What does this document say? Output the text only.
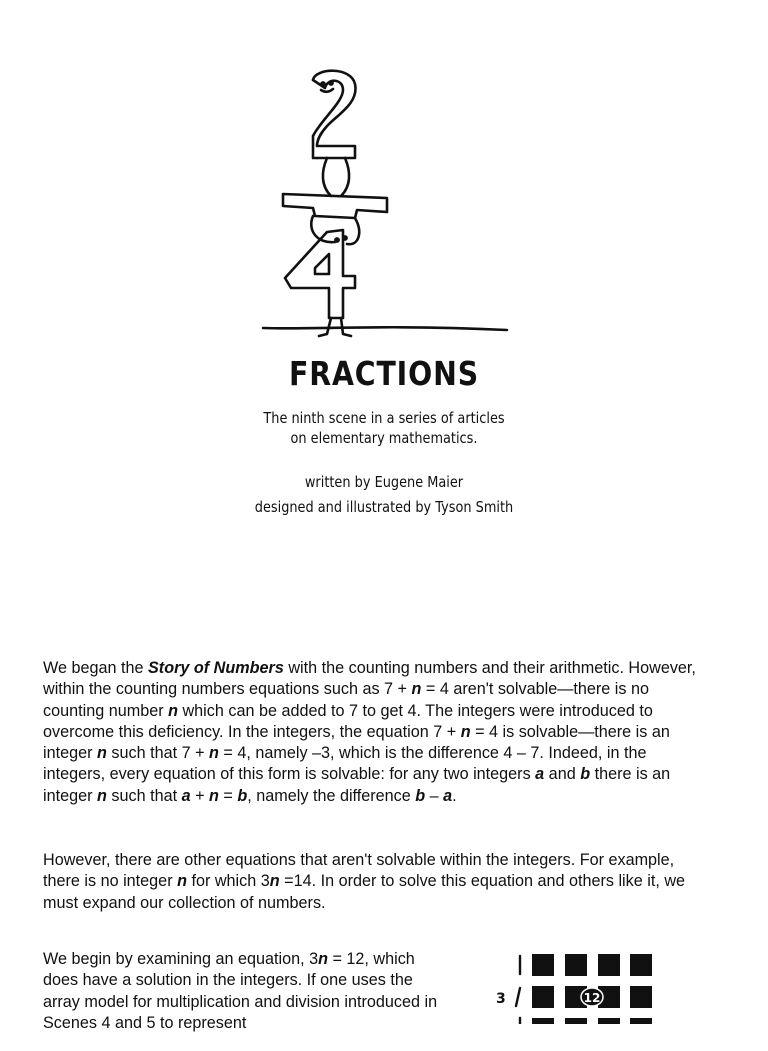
FRACTIONS
The ninth scene in a series of articles
on elementary mathematics.
written by Eugene Maier
designed and illustrated by Tyson Smith

We began the Story of Numbers with the counting numbers and their arithmetic. However, within the counting numbers equations such as 7 + n = 4 aren't solvable—there is no counting number n which can be added to 7 to get 4. The integers were introduced to overcome this deficiency. In the integers, the equation 7 + n = 4 is solvable—there is an integer n such that 7 + n = 4, namely –3, which is the difference 4 – 7. Indeed, in the integers, every equation of this form is solvable: for any two integers a and b there is an integer n such that a + n = b, namely the difference b – a.

However, there are other equations that aren't solvable within the integers. For example, there is no integer n for which 3n =14. In order to solve this equation and others like it, we must expand our collection of numbers.

We begin by examining an equation, 3n = 12, which does have a solution in the integers. If one uses the array model for multiplication and division introduced in Scenes 4 and 5 to represent

3	12
